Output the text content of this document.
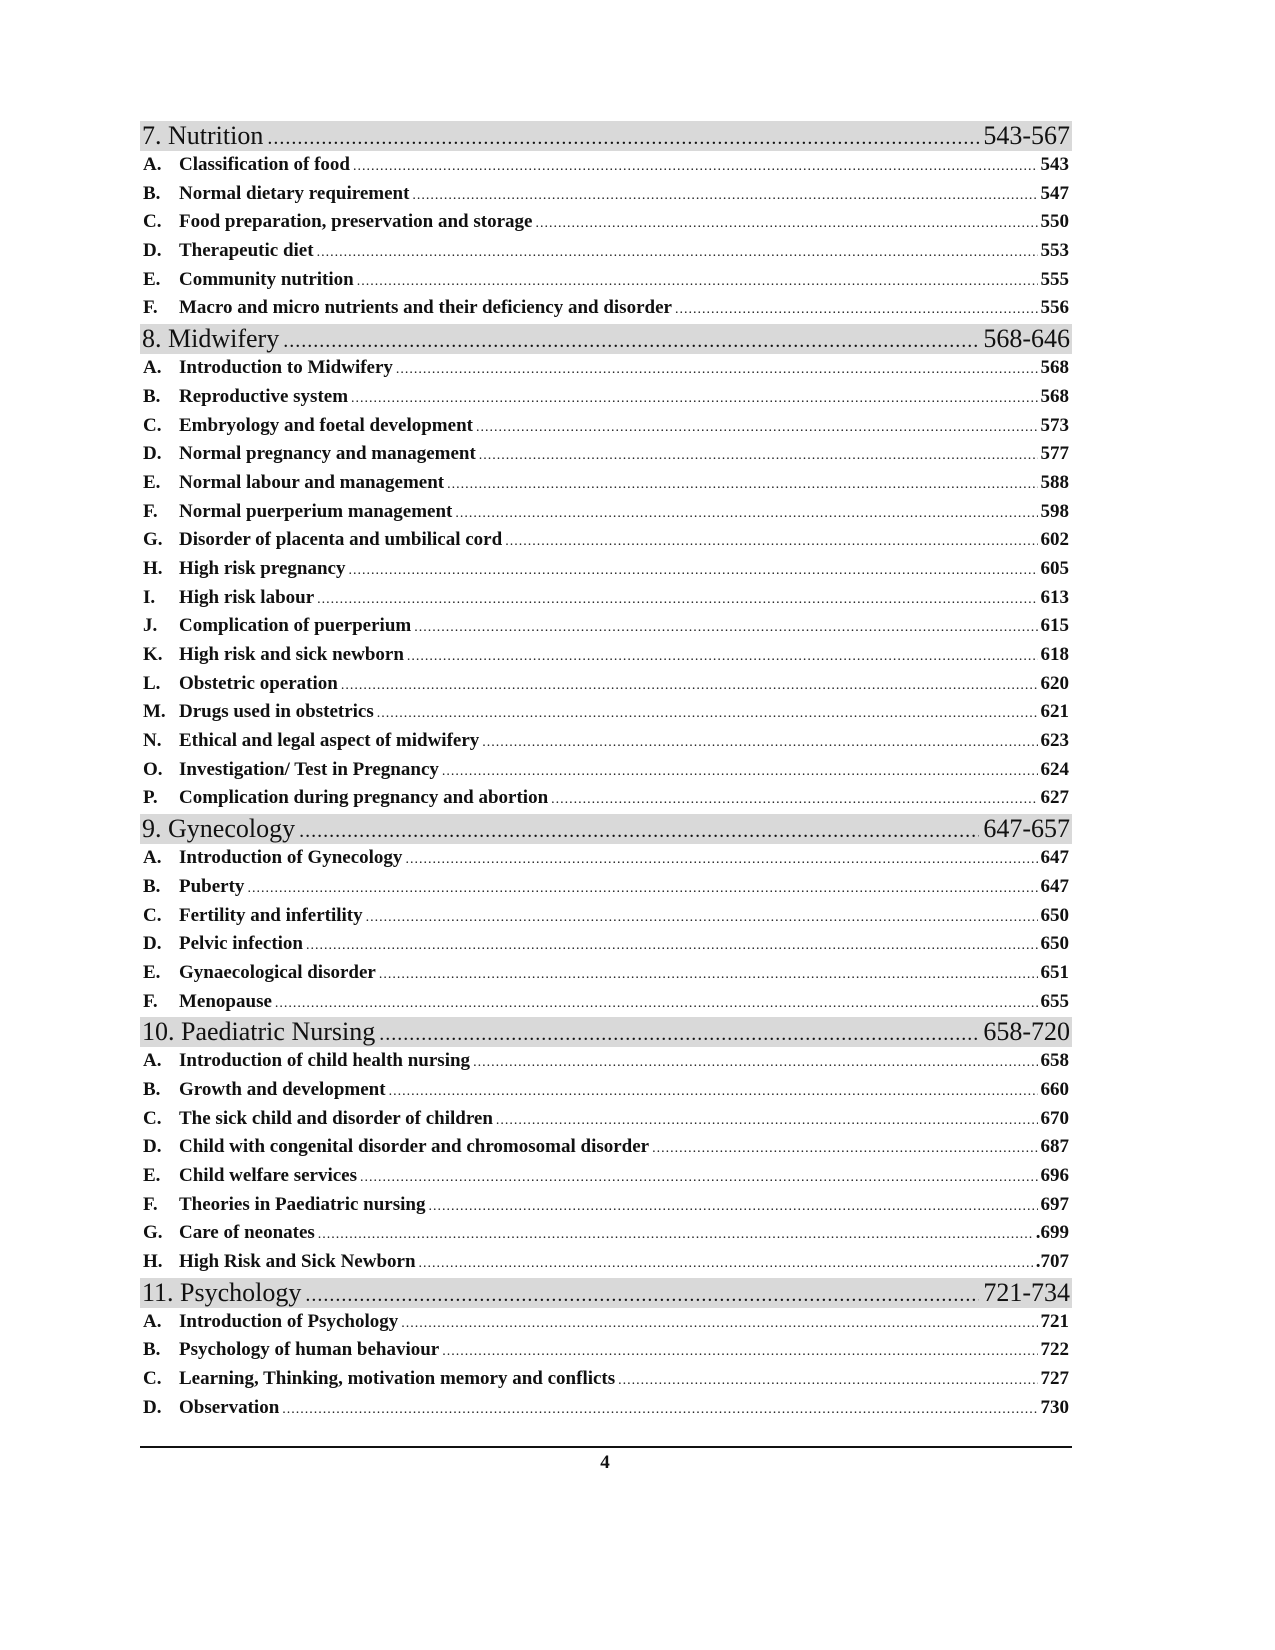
7. Nutrition .....	543-567
A. Classification of food .....	543
B. Normal dietary requirement .....	547
C. Food preparation, preservation and storage .....	550
D. Therapeutic diet .....	553
E. Community nutrition .....	555
F.	Macro and micro nutrients and their deficiency and disorder .....	556
8. Midwifery .....	568-646
A. Introduction to Midwifery .....	568
B. Reproductive system .....	568
C. Embryology and foetal development .....	573
D. Normal pregnancy and management .....	577
E. Normal labour and management .....	588
F.	Normal puerperium management .....	598
G. Disorder of placenta and umbilical cord .....	602
H. High risk pregnancy .....	605
I.	High risk labour .....	613
J.	Complication of puerperium .....	615
K. High risk and sick newborn .....	618
L. Obstetric operation .....	620
M. Drugs used in obstetrics .....	621
N. Ethical and legal aspect of midwifery .....	623
O. Investigation/ Test in Pregnancy .....	624
P.	Complication during pregnancy and abortion .....	627
9. Gynecology .....	647-657
A. Introduction of Gynecology .....	647
B. Puberty .....	647
C. Fertility and infertility .....	650
D. Pelvic infection .....	650
E. Gynaecological disorder .....	651
F.	Menopause .....	655
10. Paediatric Nursing .....	658-720
A. Introduction of child health nursing .....	658
B. Growth and development .....	660
C. The sick child and disorder of children .....	670
D. Child with congenital disorder and chromosomal disorder .....	687
E. Child welfare services .....	696
F.	Theories in Paediatric nursing .....	697
G. Care of neonates .....	.699
H. High Risk and Sick Newborn .....	.707
11. Psychology .....	721-734
A. Introduction of Psychology .....	721
B. Psychology of human behaviour .....	722
C. Learning, Thinking, motivation memory and conflicts .....	727
D. Observation .....	730
4
